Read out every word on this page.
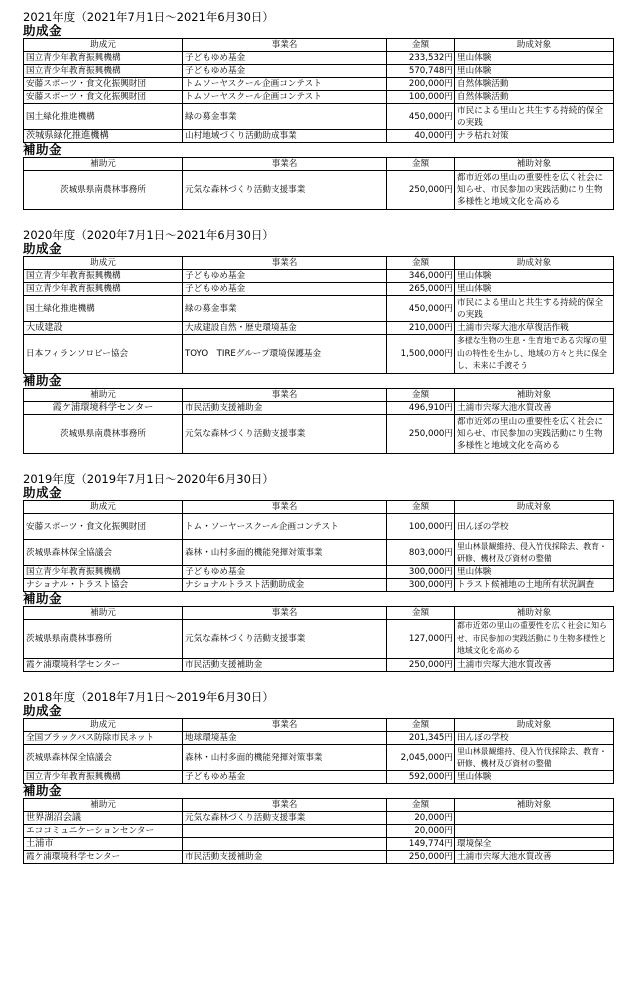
2021年度（2021年7月1日～2021年6月30日）
助成金
助成元	事業名	金額	助成対象
国立青少年教育振興機構	子どもゆめ基金	233,532円	里山体験
国立青少年教育振興機構	子どもゆめ基金	570,748円	里山体験
安藤スポーツ・食文化振興財団	トムソーヤスクール企画コンテスト	200,000円	自然体験活動
安藤スポーツ・食文化振興財団	トムソーヤスクール企画コンテスト	100,000円	自然体験活動
国土緑化推進機構	緑の募金事業	450,000円	市民による里山と共生する持続的保全の実践
茨城県緑化推進機構	山村地域づくり活動助成事業	40,000円	ナラ枯れ対策
補助金
補助元	事業名	金額	補助対象
茨城県県南農林事務所	元気な森林づくり活動支援事業	250,000円	都市近郊の里山の重要性を広く社会に知らせ、市民参加の実践活動にり生物多様性と地域文化を高める
2020年度（2020年7月1日～2021年6月30日）
助成金
助成元	事業名	金額	助成対象
国立青少年教育振興機構	子どもゆめ基金	346,000円	里山体験
国立青少年教育振興機構	子どもゆめ基金	265,000円	里山体験
国土緑化推進機構	緑の募金事業	450,000円	市民による里山と共生する持続的保全の実践
大成建設	大成建設自然・歴史環境基金	210,000円	土浦市宍塚大池水草復活作戦
日本フィランソロピー協会	TOYO　TIREグループ環境保護基金	1,500,000円	多様な生物の生息・生育地である宍塚の里山の特性を生かし、地域の方々と共に保全し、未来に手渡そう
補助金
補助元	事業名	金額	補助対象
霞ケ浦環境科学センター	市民活動支援補助金	496,910円	土浦市宍塚大池水質改善
茨城県県南農林事務所	元気な森林づくり活動支援事業	250,000円	都市近郊の里山の重要性を広く社会に知らせ、市民参加の実践活動にり生物多様性と地域文化を高める
2019年度（2019年7月1日～2020年6月30日）
助成金
助成元	事業名	金額	助成対象
安藤スポーツ・食文化振興財団	トム・ソーヤースクール企画コンテスト	100,000円	田んぼの学校
茨城県森林保全協議会	森林・山村多面的機能発揮対策事業	803,000円	里山林景観維持、侵入竹伐採除去、教育・研修、機材及び資材の整備
国立青少年教育振興機構	子どもゆめ基金	300,000円	里山体験
ナショナル・トラスト協会	ナショナルトラスト活動助成金	300,000円	トラスト候補地の土地所有状況調査
補助金
補助元	事業名	金額	補助対象
茨城県県南農林事務所	元気な森林づくり活動支援事業	127,000円	都市近郊の里山の重要性を広く社会に知らせ、市民参加の実践活動にり生物多様性と地域文化を高める
霞ケ浦環境科学センター	市民活動支援補助金	250,000円	土浦市宍塚大池水質改善
2018年度（2018年7月1日～2019年6月30日）
助成金
助成元	事業名	金額	助成対象
全国ブラックバス防除市民ネット	地球環境基金	201,345円	田んぼの学校
茨城県森林保全協議会	森林・山村多面的機能発揮対策事業	2,045,000円	里山林景観維持、侵入竹伐採除去、教育・研修、機材及び資材の整備
国立青少年教育振興機構	子どもゆめ基金	592,000円	里山体験
補助金
補助元	事業名	金額	補助対象
世界湖沼会議	元気な森林づくり活動支援事業	20,000円	
エココミュニケーションセンター		20,000円	
土浦市		149,774円	環境保全
霞ケ浦環境科学センター	市民活動支援補助金	250,000円	土浦市宍塚大池水質改善
